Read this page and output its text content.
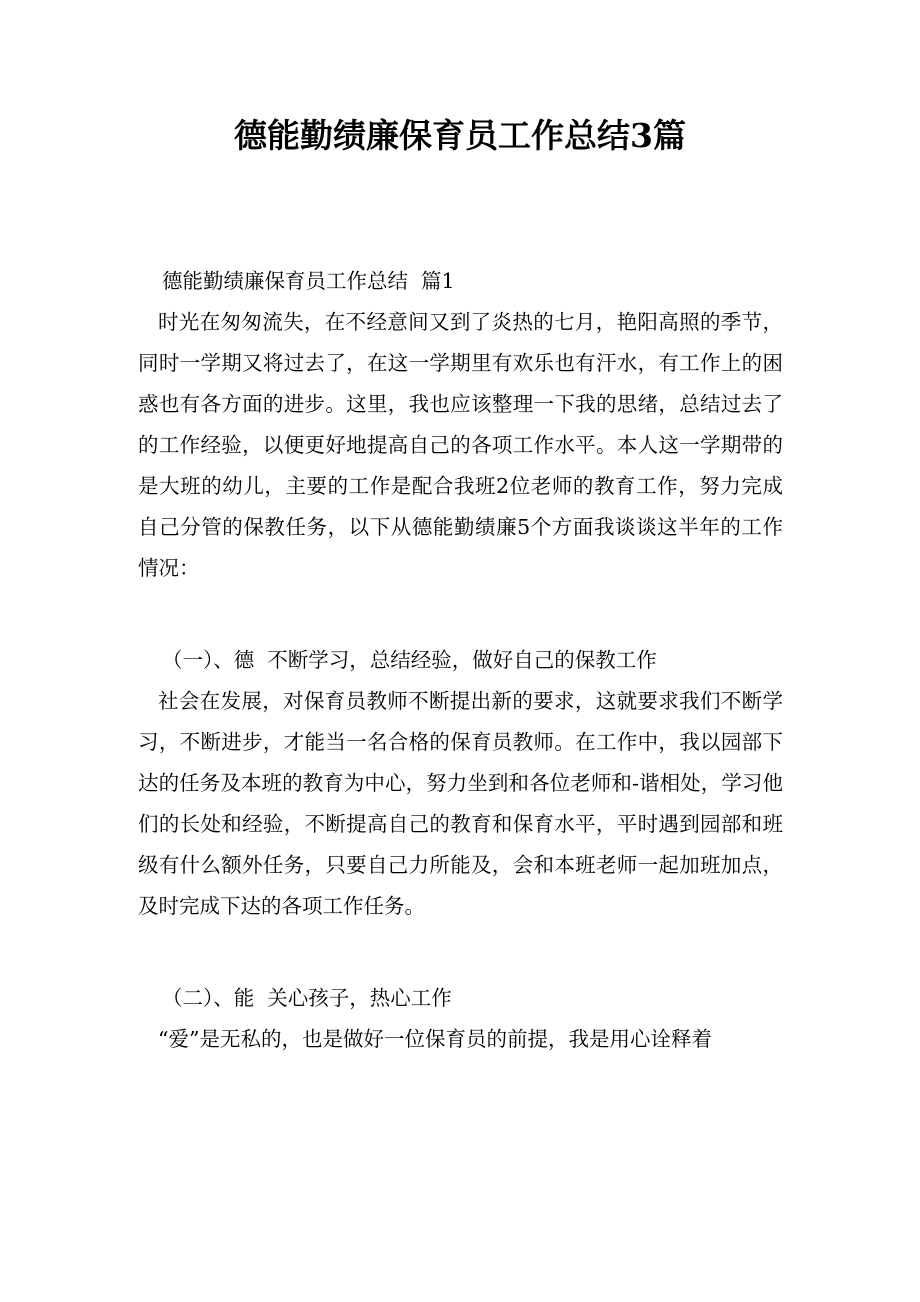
德能勤绩廉保育员工作总结3篇

德能勤绩廉保育员工作总结  篇1

时光在匆匆流失，在不经意间又到了炎热的七月，艳阳高照的季节，同时一学期又将过去了，在这一学期里有欢乐也有汗水，有工作上的困惑也有各方面的进步。这里，我也应该整理一下我的思绪，总结过去了的工作经验，以便更好地提高自己的各项工作水平。本人这一学期带的是大班的幼儿，主要的工作是配合我班2位老师的教育工作，努力完成自己分管的保教任务，以下从德能勤绩廉5个方面我谈谈这半年的工作情况：

（一）、德  不断学习，总结经验，做好自己的保教工作

社会在发展，对保育员教师不断提出新的要求，这就要求我们不断学习，不断进步，才能当一名合格的保育员教师。在工作中，我以园部下达的任务及本班的教育为中心，努力坐到和各位老师和-谐相处，学习他们的长处和经验，不断提高自己的教育和保育水平，平时遇到园部和班级有什么额外任务，只要自己力所能及，会和本班老师一起加班加点，及时完成下达的各项工作任务。

（二）、能  关心孩子，热心工作

“爱”是无私的，也是做好一位保育员的前提，我是用心诠释着
